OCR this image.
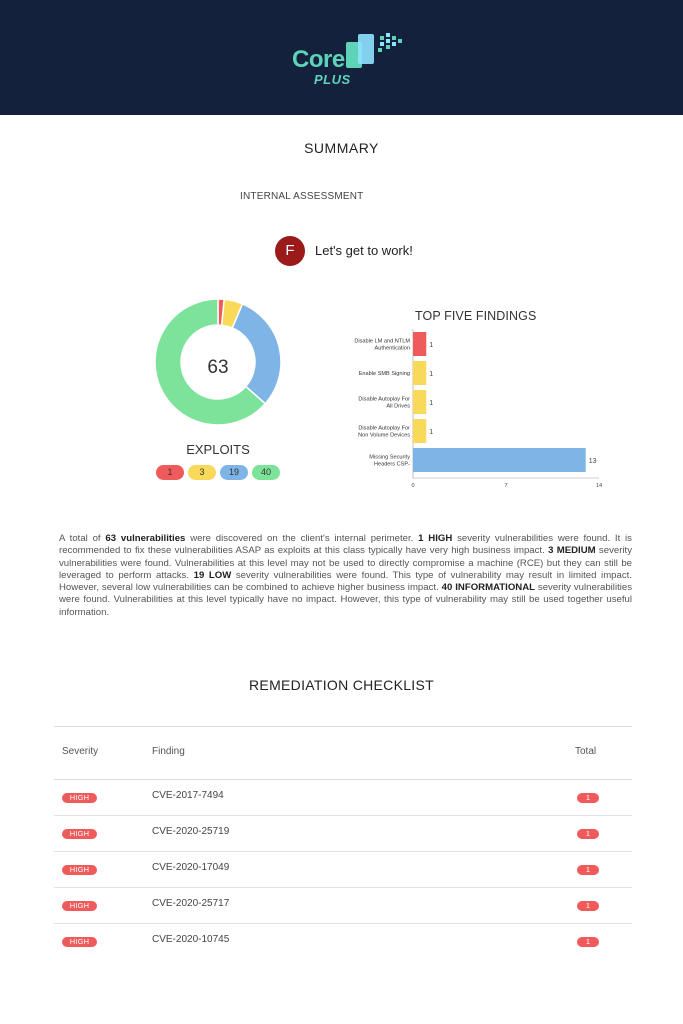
Core
PLUS
SUMMARY
INTERNAL ASSESSMENT
F	Let's get to work!
63
EXPLOITS
1	3	19	40
TOP FIVE FINDINGS
1
Disable LM and NTLM Authentication
1
Enable SMB Signing
1
Disable Autoplay For All Drives
1
Disable Autoplay For Non Volume Devices
13
Missing Security Headers CSP-
0	7	14
A total of 63 vulnerabilities were discovered on the client's internal perimeter. 1 HIGH severity vulnerabilities were found. It is recommended to fix these vulnerabilities ASAP as exploits at this class typically have very high business impact. 3 MEDIUM severity vulnerabilities were found. Vulnerabilities at this level may not be used to directly compromise a machine (RCE) but they can still be leveraged to perform attacks. 19 LOW severity vulnerabilities were found. This type of vulnerability may result in limited impact. However, several low vulnerabilities can be combined to achieve higher business impact. 40 INFORMATIONAL severity vulnerabilities were found. Vulnerabilities at this level typically have no impact. However, this type of vulnerability may still be used together useful information.
REMEDIATION CHECKLIST
Severity	Finding	Total
HIGH	CVE-2017-7494	1
HIGH	CVE-2020-25719	1
HIGH	CVE-2020-17049	1
HIGH	CVE-2020-25717	1
HIGH	CVE-2020-10745	1
